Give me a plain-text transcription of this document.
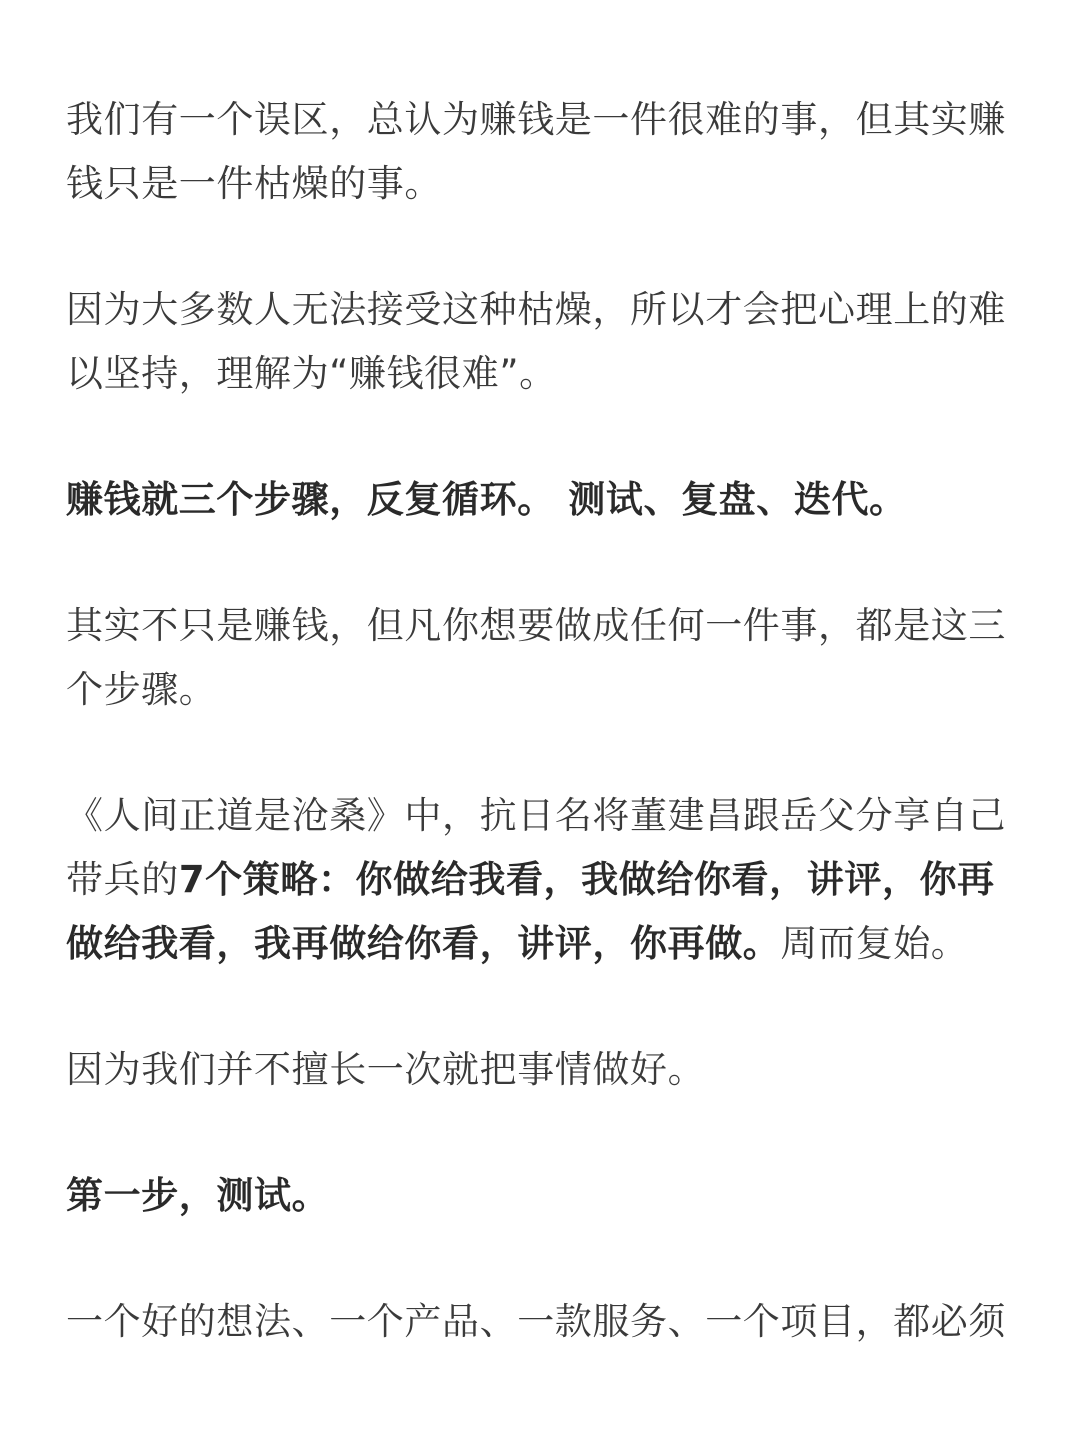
我们有一个误区，总认为赚钱是一件很难的事，但其实赚钱只是一件枯燥的事。

因为大多数人无法接受这种枯燥，所以才会把心理上的难以坚持，理解为“赚钱很难”。

赚钱就三个步骤，反复循环。 测试、复盘、迭代。

其实不只是赚钱，但凡你想要做成任何一件事，都是这三个步骤。

《人间正道是沧桑》中，抗日名将董建昌跟岳父分享自己带兵的7个策略：你做给我看，我做给你看，讲评，你再做给我看，我再做给你看，讲评，你再做。周而复始。

因为我们并不擅长一次就把事情做好。

第一步，测试。

一个好的想法、一个产品、一款服务、一个项目，都必须
